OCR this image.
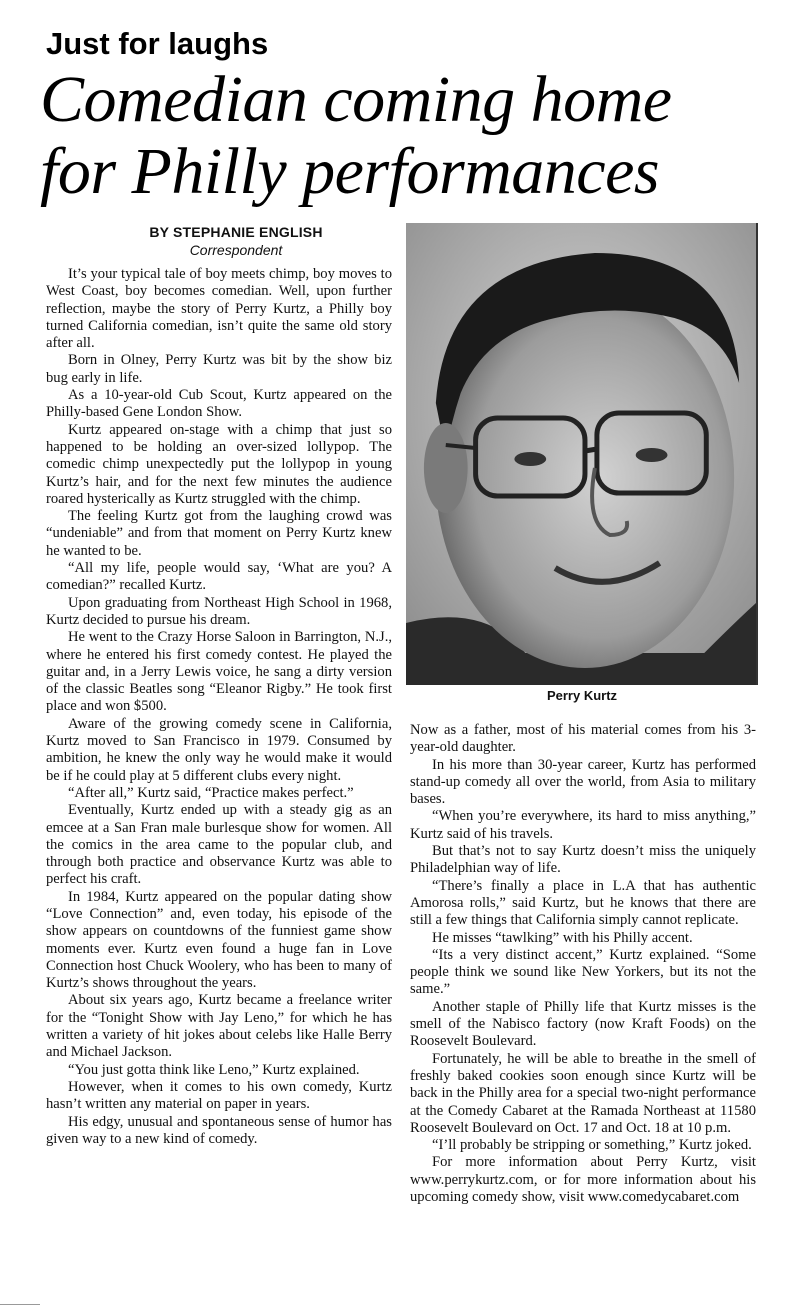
Just for laughs
Comedian coming home
for Philly performances
BY STEPHANIE ENGLISH
Correspondent

It’s your typical tale of boy meets chimp, boy moves to West Coast, boy becomes comedian. Well, upon further reflection, maybe the story of Perry Kurtz, a Philly boy turned California comedian, isn’t quite the same old story after all.

Born in Olney, Perry Kurtz was bit by the show biz bug early in life.

As a 10-year-old Cub Scout, Kurtz appeared on the Philly-based Gene London Show.

Kurtz appeared on-stage with a chimp that just so happened to be holding an over-sized lollypop. The comedic chimp unexpectedly put the lollypop in young Kurtz’s hair, and for the next few minutes the audience roared hysterically as Kurtz struggled with the chimp.

The feeling Kurtz got from the laughing crowd was “undeniable” and from that moment on Perry Kurtz knew he wanted to be.

“All my life, people would say, ‘What are you? A comedian?” recalled Kurtz.

Upon graduating from Northeast High School in 1968, Kurtz decided to pursue his dream.

He went to the Crazy Horse Saloon in Barrington, N.J., where he entered his first comedy contest. He played the guitar and, in a Jerry Lewis voice, he sang a dirty version of the classic Beatles song “Eleanor Rigby.” He took first place and won $500.

Aware of the growing comedy scene in California, Kurtz moved to San Francisco in 1979. Consumed by ambition, he knew the only way he would make it would be if he could play at 5 different clubs every night.

“After all,” Kurtz said, “Practice makes perfect.”

Eventually, Kurtz ended up with a steady gig as an emcee at a San Fran male burlesque show for women. All the comics in the area came to the popular club, and through both practice and observance Kurtz was able to perfect his craft.

In 1984, Kurtz appeared on the popular dating show “Love Connection” and, even today, his episode of the show appears on countdowns of the funniest game show moments ever. Kurtz even found a huge fan in Love Connection host Chuck Woolery, who has been to many of Kurtz’s shows throughout the years.

About six years ago, Kurtz became a freelance writer for the “Tonight Show with Jay Leno,” for which he has written a variety of hit jokes about celebs like Halle Berry and Michael Jackson.

“You just gotta think like Leno,” Kurtz explained.

However, when it comes to his own comedy, Kurtz hasn’t written any material on paper in years.

His edgy, unusual and spontaneous sense of humor has given way to a new kind of comedy.

Perry Kurtz

Now as a father, most of his material comes from his 3-year-old daughter.

In his more than 30-year career, Kurtz has performed stand-up comedy all over the world, from Asia to military bases.

“When you’re everywhere, its hard to miss anything,” Kurtz said of his travels.

But that’s not to say Kurtz doesn’t miss the uniquely Philadelphian way of life.

“There’s finally a place in L.A that has authentic Amorosa rolls,” said Kurtz, but he knows that there are still a few things that California simply cannot replicate.

He misses “tawlking” with his Philly accent.

“Its a very distinct accent,” Kurtz explained. “Some people think we sound like New Yorkers, but its not the same.”

Another staple of Philly life that Kurtz misses is the smell of the Nabisco factory (now Kraft Foods) on the Roosevelt Boulevard.

Fortunately, he will be able to breathe in the smell of freshly baked cookies soon enough since Kurtz will be back in the Philly area for a special two-night performance at the Comedy Cabaret at the Ramada Northeast at 11580 Roosevelt Boulevard on Oct. 17 and Oct. 18 at 10 p.m.

“I’ll probably be stripping or something,” Kurtz joked.

For more information about Perry Kurtz, visit www.perrykurtz.com, or for more information about his upcoming comedy show, visit www.comedycabaret.com
